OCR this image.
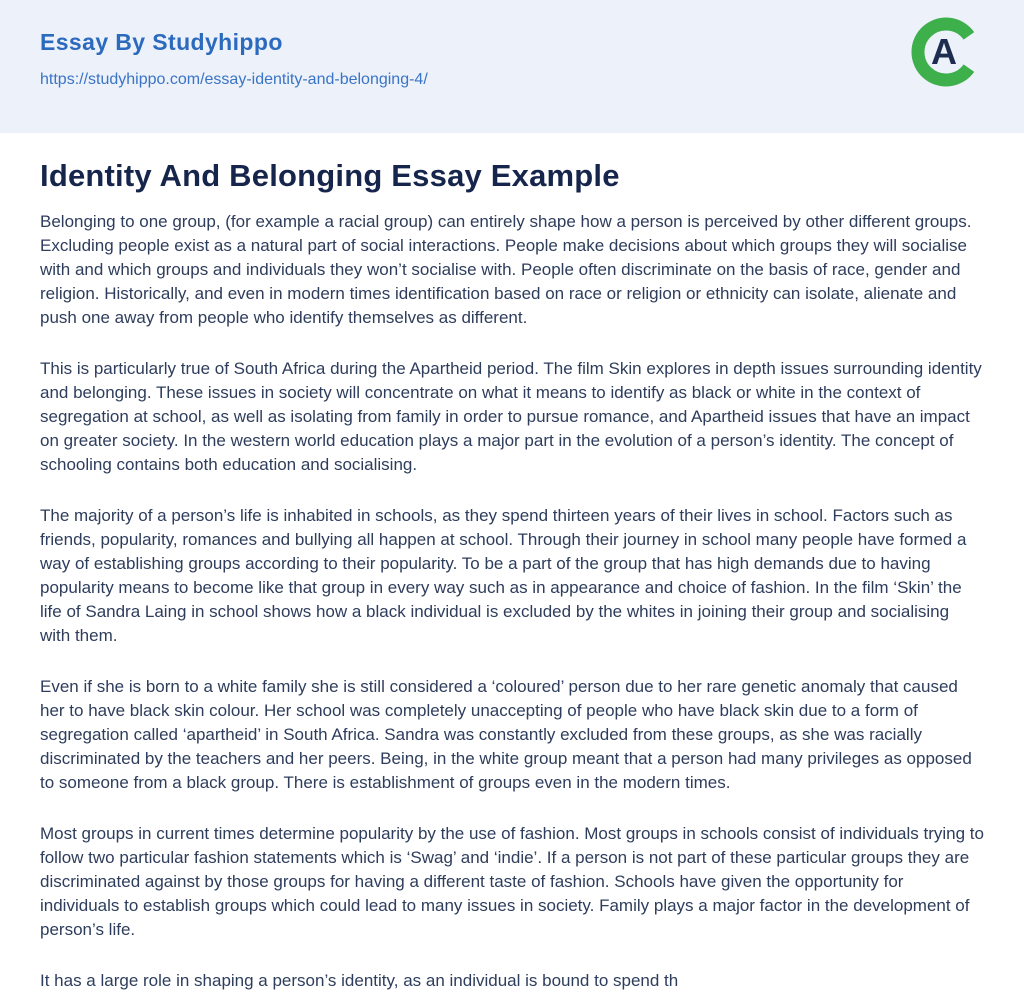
Essay By Studyhippo
https://studyhippo.com/essay-identity-and-belonging-4/
A
Identity And Belonging Essay Example

Belonging to one group, (for example a racial group) can entirely shape how a person is perceived by other different groups. Excluding people exist as a natural part of social interactions. People make decisions about which groups they will socialise with and which groups and individuals they won’t socialise with. People often discriminate on the basis of race, gender and religion. Historically, and even in modern times identification based on race or religion or ethnicity can isolate, alienate and push one away from people who identify themselves as different.

This is particularly true of South Africa during the Apartheid period. The film Skin explores in depth issues surrounding identity and belonging. These issues in society will concentrate on what it means to identify as black or white in the context of segregation at school, as well as isolating from family in order to pursue romance, and Apartheid issues that have an impact on greater society. In the western world education plays a major part in the evolution of a person’s identity. The concept of schooling contains both education and socialising.

The majority of a person’s life is inhabited in schools, as they spend thirteen years of their lives in school. Factors such as friends, popularity, romances and bullying all happen at school. Through their journey in school many people have formed a way of establishing groups according to their popularity. To be a part of the group that has high demands due to having popularity means to become like that group in every way such as in appearance and choice of fashion. In the film ‘Skin’ the life of Sandra Laing in school shows how a black individual is excluded by the whites in joining their group and socialising with them.

Even if she is born to a white family she is still considered a ‘coloured’ person due to her rare genetic anomaly that caused her to have black skin colour. Her school was completely unaccepting of people who have black skin due to a form of segregation called ‘apartheid’ in South Africa. Sandra was constantly excluded from these groups, as she was racially discriminated by the teachers and her peers. Being, in the white group meant that a person had many privileges as opposed to someone from a black group. There is establishment of groups even in the modern times.

Most groups in current times determine popularity by the use of fashion. Most groups in schools consist of individuals trying to follow two particular fashion statements which is ‘Swag’ and ‘indie’. If a person is not part of these particular groups they are discriminated against by those groups for having a different taste of fashion. Schools have given the opportunity for individuals to establish groups which could lead to many issues in society. Family plays a major factor in the development of person’s life.

It has a large role in shaping a person’s identity, as an individual is bound to spend th
